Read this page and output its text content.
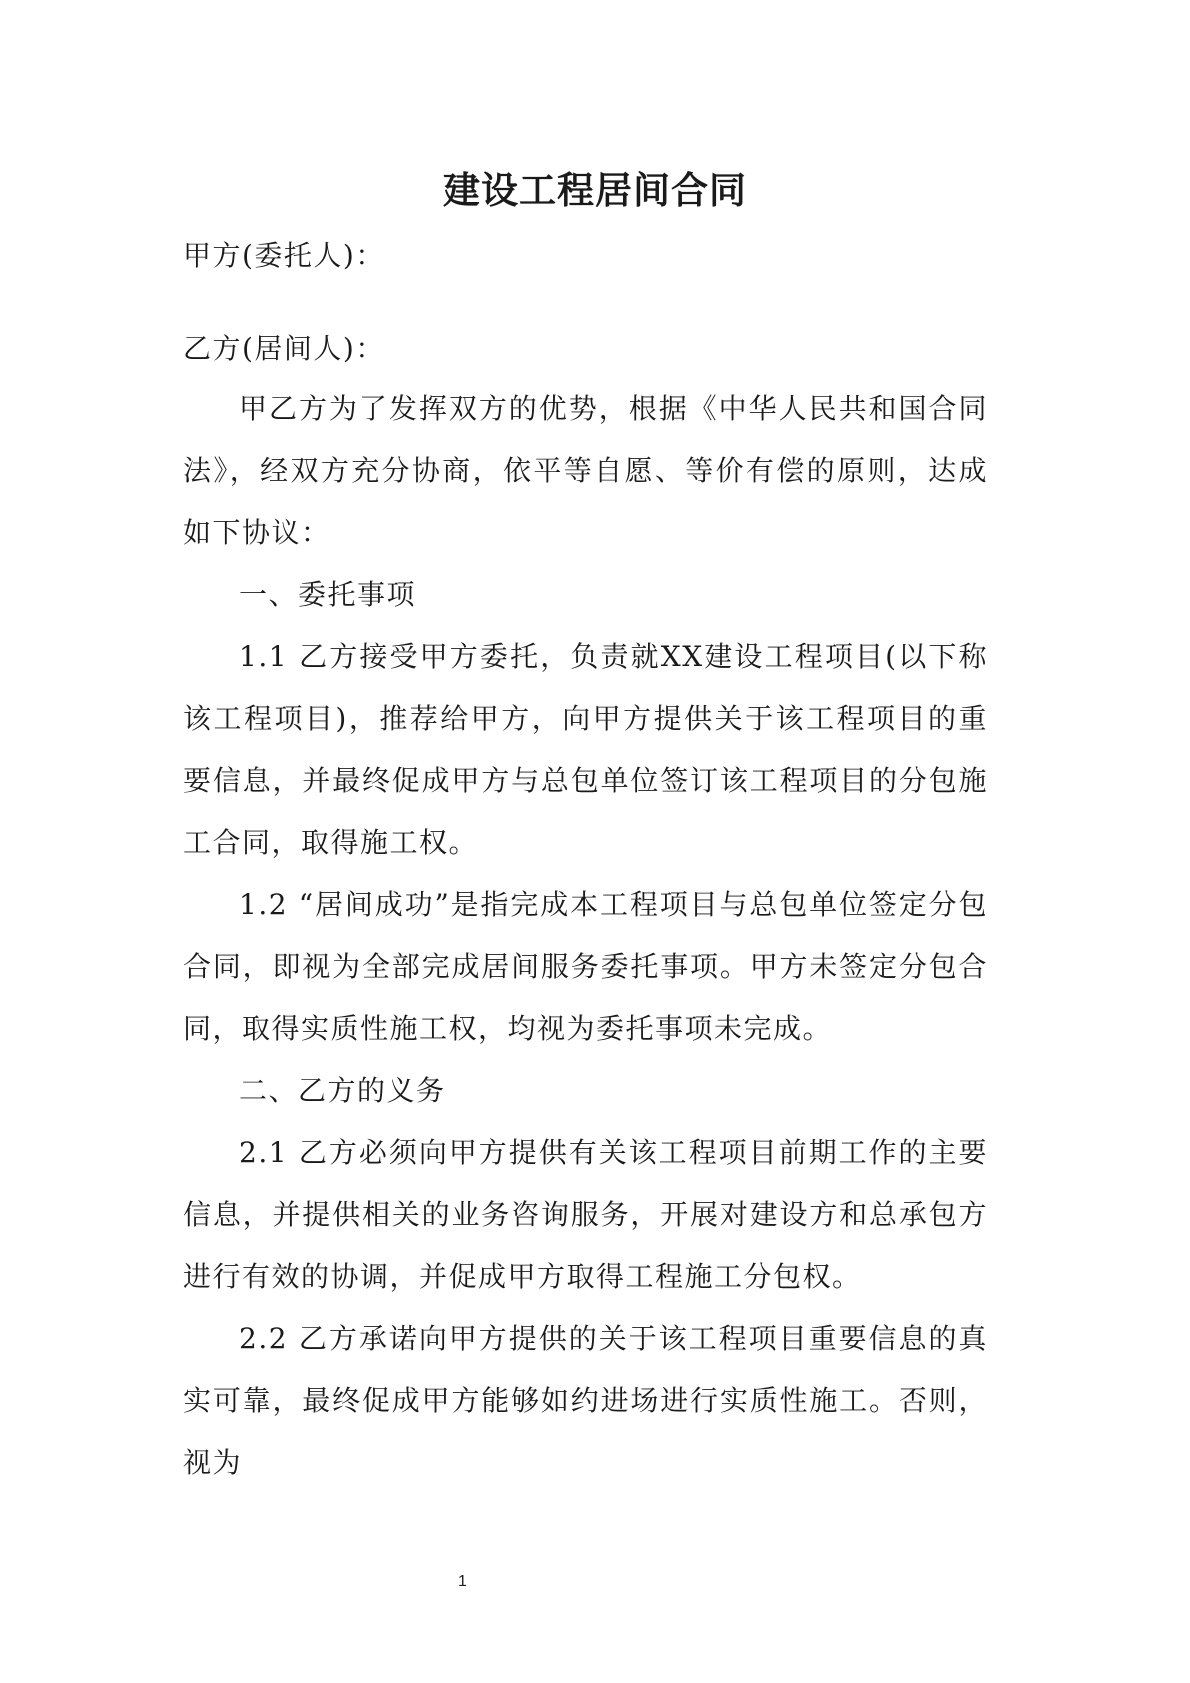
建设工程居间合同
甲方(委托人)：
乙方(居间人)：

甲乙方为了发挥双方的优势，根据《中华人民共和国合同法》，经双方充分协商，依平等自愿、等价有偿的原则，达成如下协议：

一、委托事项

1.1 乙方接受甲方委托，负责就XX建设工程项目(以下称该工程项目)，推荐给甲方，向甲方提供关于该工程项目的重要信息，并最终促成甲方与总包单位签订该工程项目的分包施工合同，取得施工权。

1.2 “居间成功”是指完成本工程项目与总包单位签定分包合同，即视为全部完成居间服务委托事项。甲方未签定分包合同，取得实质性施工权，均视为委托事项未完成。

二、乙方的义务

2.1 乙方必须向甲方提供有关该工程项目前期工作的主要信息，并提供相关的业务咨询服务，开展对建设方和总承包方进行有效的协调，并促成甲方取得工程施工分包权。

2.2 乙方承诺向甲方提供的关于该工程项目重要信息的真实可靠，最终促成甲方能够如约进场进行实质性施工。否则，视为

1
